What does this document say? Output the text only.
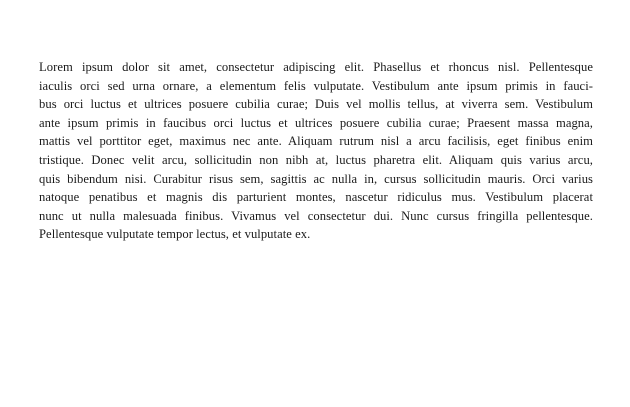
Lorem ipsum dolor sit amet, consectetur adipiscing elit. Phasellus et rhoncus nisl. Pellentesque
iaculis orci sed urna ornare, a elementum felis vulputate. Vestibulum ante ipsum primis in fauci-
bus orci luctus et ultrices posuere cubilia curae; Duis vel mollis tellus, at viverra sem. Vestibulum
ante ipsum primis in faucibus orci luctus et ultrices posuere cubilia curae; Praesent massa magna,
mattis vel porttitor eget, maximus nec ante. Aliquam rutrum nisl a arcu facilisis, eget finibus enim
tristique. Donec velit arcu, sollicitudin non nibh at, luctus pharetra elit. Aliquam quis varius arcu,
quis bibendum nisi. Curabitur risus sem, sagittis ac nulla in, cursus sollicitudin mauris. Orci varius
natoque penatibus et magnis dis parturient montes, nascetur ridiculus mus. Vestibulum placerat
nunc ut nulla malesuada finibus. Vivamus vel consectetur dui. Nunc cursus fringilla pellentesque.
Pellentesque vulputate tempor lectus, et vulputate ex.
